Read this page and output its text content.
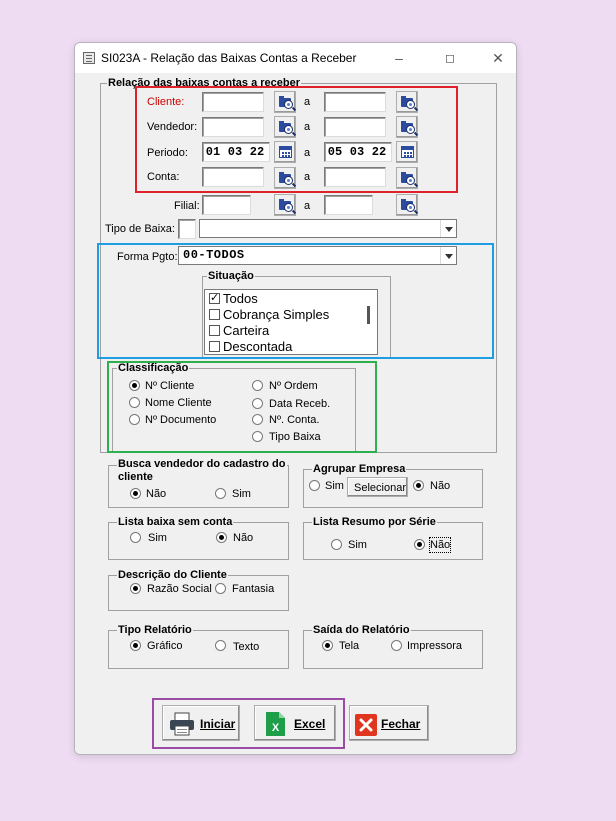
SI023A - Relação das Baixas Contas a Receber	–	◻	✕
Relação das baixas contas a receber
Cliente:	a
Vendedor:	a
Periodo: 01 03 22	a 05 03 22
Conta:	a
Filial:	a
Tipo de Baixa:
Forma Pgto: 00-TODOS
Situação
✓
Todos
Cobrança Simples
Carteira
Descontada
Classificação
Nº Cliente
Nome Cliente
Nº Documento
Nº Ordem
Data Receb.
Nº. Conta.
Tipo Baixa
Busca vendedor do cadastro do cliente
Não	Sim
Agrupar Empresa
Sim Selecionar Não
Lista baixa sem conta
Sim	Não
Lista Resumo por Série
Sim	Não
Descrição do Cliente
Razão Social Fantasia
Tipo Relatório
Gráfico	Texto
Saída do Relatório
Tela	Impressora
Iniciar	X Excel	Fechar
